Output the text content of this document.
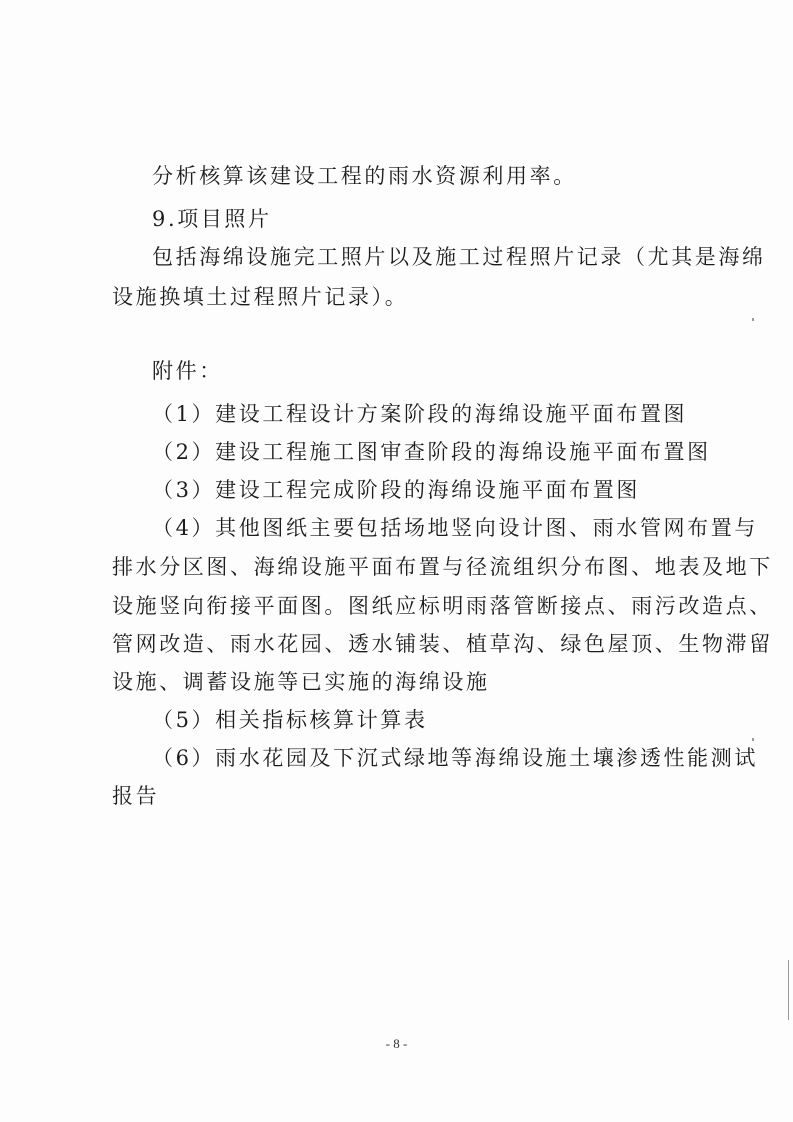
分析核算该建设工程的雨水资源利用率。
9.项目照片
包括海绵设施完工照片以及施工过程照片记录（尤其是海绵
设施换填土过程照片记录）。
附件：
（1）建设工程设计方案阶段的海绵设施平面布置图
（2）建设工程施工图审查阶段的海绵设施平面布置图
（3）建设工程完成阶段的海绵设施平面布置图
（4）其他图纸主要包括场地竖向设计图、雨水管网布置与
排水分区图、海绵设施平面布置与径流组织分布图、地表及地下
设施竖向衔接平面图。图纸应标明雨落管断接点、雨污改造点、
管网改造、雨水花园、透水铺装、植草沟、绿色屋顶、生物滞留
设施、调蓄设施等已实施的海绵设施
（5）相关指标核算计算表
（6）雨水花园及下沉式绿地等海绵设施土壤渗透性能测试
报告
- 8 -
